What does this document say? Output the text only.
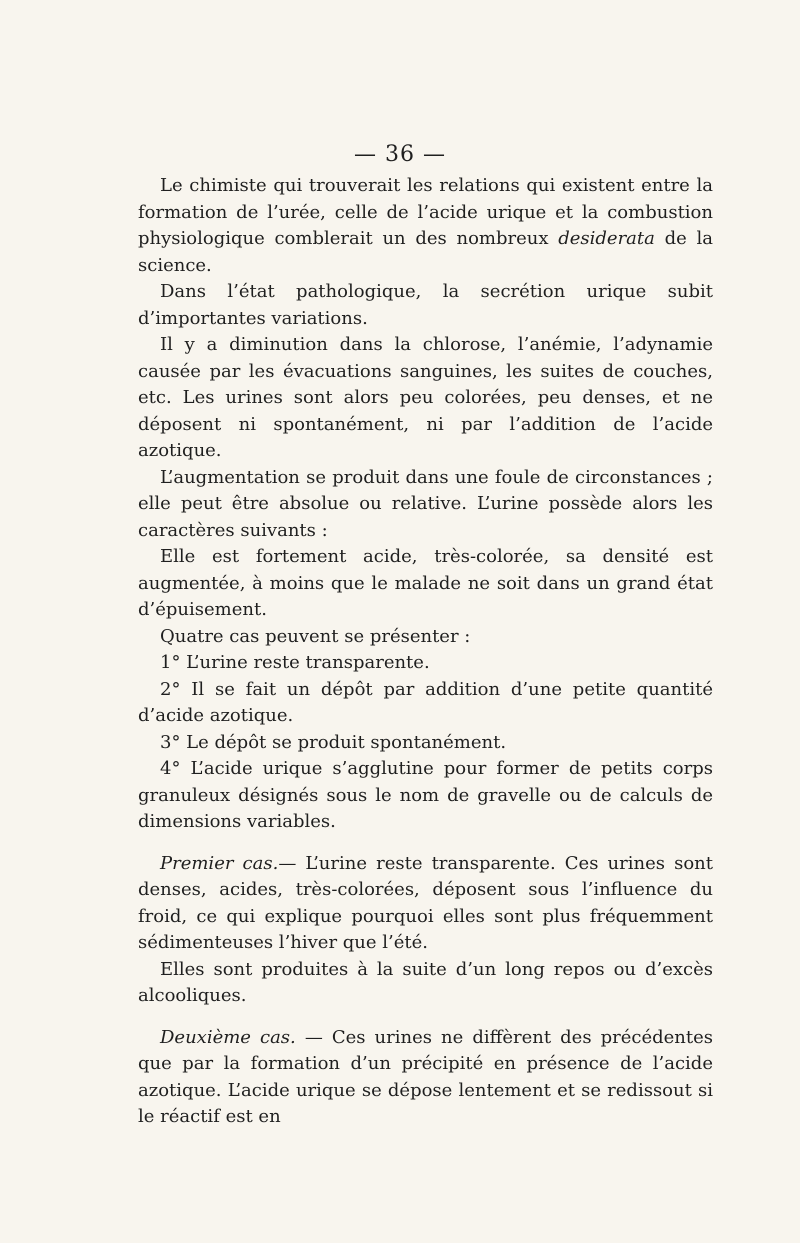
— 36 —

Le chimiste qui trouverait les relations qui existent entre la formation de l’urée, celle de l’acide urique et la combustion physiologique comblerait un des nombreux desiderata de la science.

Dans l’état pathologique, la secrétion urique subit d’importantes variations.

Il y a diminution dans la chlorose, l’anémie, l’adynamie causée par les évacuations sanguines, les suites de couches, etc. Les urines sont alors peu colorées, peu denses, et ne déposent ni spontanément, ni par l’addition de l’acide azotique.

L’augmentation se produit dans une foule de circonstances ; elle peut être absolue ou relative. L’urine possède alors les caractères suivants :

Elle est fortement acide, très-colorée, sa densité est augmentée, à moins que le malade ne soit dans un grand état d’épuisement.

Quatre cas peuvent se présenter :

1° L’urine reste transparente.

2° Il se fait un dépôt par addition d’une petite quantité d’acide azotique.

3° Le dépôt se produit spontanément.

4° L’acide urique s’agglutine pour former de petits corps granuleux désignés sous le nom de gravelle ou de calculs de dimensions variables.

Premier cas.— L’urine reste transparente. Ces urines sont denses, acides, très-colorées, déposent sous l’influence du froid, ce qui explique pourquoi elles sont plus fréquemment sédimenteuses l’hiver que l’été.

Elles sont produites à la suite d’un long repos ou d’excès alcooliques.

Deuxième cas. — Ces urines ne diffèrent des précédentes que par la formation d’un précipité en présence de l’acide azotique. L’acide urique se dépose lentement et se redissout si le réactif est en
